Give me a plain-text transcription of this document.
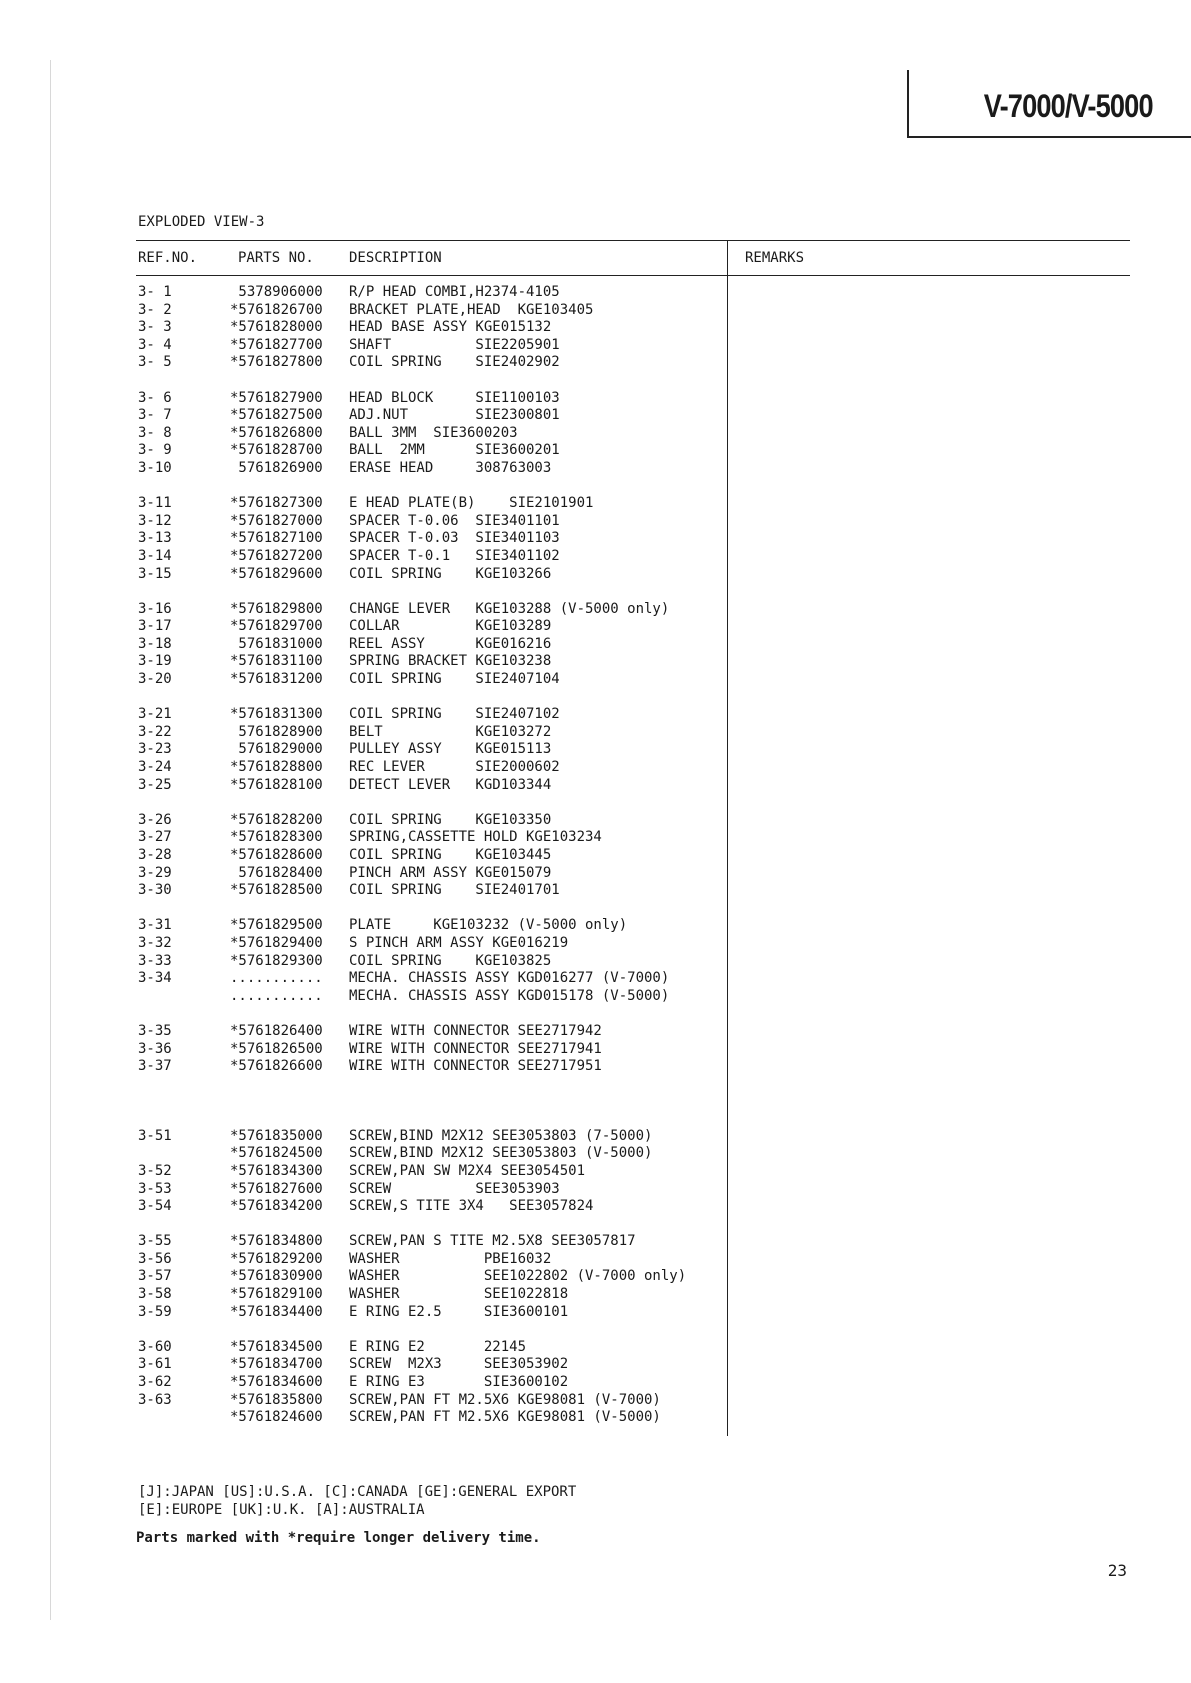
V-7000/V-5000
EXPLODED VIEW-3
REF.NO.	PARTS NO.	DESCRIPTION	REMARKS
3- 1	5378906000 R/P HEAD COMBI,H2374-4105
3- 2	*5761826700 BRACKET PLATE,HEAD  KGE103405
3- 3	*5761828000 HEAD BASE ASSY KGE015132
3- 4	*5761827700 SHAFT          SIE2205901
3- 5	*5761827800 COIL SPRING    SIE2402902
3- 6	*5761827900 HEAD BLOCK     SIE1100103
3- 7	*5761827500 ADJ.NUT        SIE2300801
3- 8	*5761826800 BALL 3MM  SIE3600203
3- 9	*5761828700 BALL  2MM      SIE3600201
3-10	5761826900 ERASE HEAD     308763003
3-11	*5761827300 E HEAD PLATE(B)    SIE2101901
3-12	*5761827000 SPACER T-0.06  SIE3401101
3-13	*5761827100 SPACER T-0.03  SIE3401103
3-14	*5761827200 SPACER T-0.1   SIE3401102
3-15	*5761829600 COIL SPRING    KGE103266
3-16	*5761829800 CHANGE LEVER   KGE103288 (V-5000 only)
3-17	*5761829700 COLLAR         KGE103289
3-18	5761831000 REEL ASSY      KGE016216
3-19	*5761831100 SPRING BRACKET KGE103238
3-20	*5761831200 COIL SPRING    SIE2407104
3-21	*5761831300 COIL SPRING    SIE2407102
3-22	5761828900 BELT           KGE103272
3-23	5761829000 PULLEY ASSY    KGE015113
3-24	*5761828800 REC LEVER      SIE2000602
3-25	*5761828100 DETECT LEVER   KGD103344
3-26	*5761828200 COIL SPRING    KGE103350
3-27	*5761828300 SPRING,CASSETTE HOLD KGE103234
3-28	*5761828600 COIL SPRING    KGE103445
3-29	5761828400 PINCH ARM ASSY KGE015079
3-30	*5761828500 COIL SPRING    SIE2401701
3-31	*5761829500 PLATE     KGE103232 (V-5000 only)
3-32	*5761829400 S PINCH ARM ASSY KGE016219
3-33	*5761829300 COIL SPRING    KGE103825
3-34	........... MECHA. CHASSIS ASSY KGD016277 (V-7000)
........... MECHA. CHASSIS ASSY KGD015178 (V-5000)
3-35	*5761826400 WIRE WITH CONNECTOR SEE2717942
3-36	*5761826500 WIRE WITH CONNECTOR SEE2717941
3-37	*5761826600 WIRE WITH CONNECTOR SEE2717951
3-51	*5761835000 SCREW,BIND M2X12 SEE3053803 (7-5000)
*5761824500 SCREW,BIND M2X12 SEE3053803 (V-5000)
3-52	*5761834300 SCREW,PAN SW M2X4 SEE3054501
3-53	*5761827600 SCREW          SEE3053903
3-54	*5761834200 SCREW,S TITE 3X4   SEE3057824
3-55	*5761834800 SCREW,PAN S TITE M2.5X8 SEE3057817
3-56	*5761829200 WASHER          PBE16032
3-57	*5761830900 WASHER          SEE1022802 (V-7000 only)
3-58	*5761829100 WASHER          SEE1022818
3-59	*5761834400 E RING E2.5     SIE3600101
3-60	*5761834500 E RING E2       22145
3-61	*5761834700 SCREW  M2X3     SEE3053902
3-62	*5761834600 E RING E3       SIE3600102
3-63	*5761835800 SCREW,PAN FT M2.5X6 KGE98081 (V-7000)
*5761824600 SCREW,PAN FT M2.5X6 KGE98081 (V-5000)
[J]:JAPAN [US]:U.S.A. [C]:CANADA [GE]:GENERAL EXPORT
[E]:EUROPE [UK]:U.K. [A]:AUSTRALIA
Parts marked with *require longer delivery time.
23
